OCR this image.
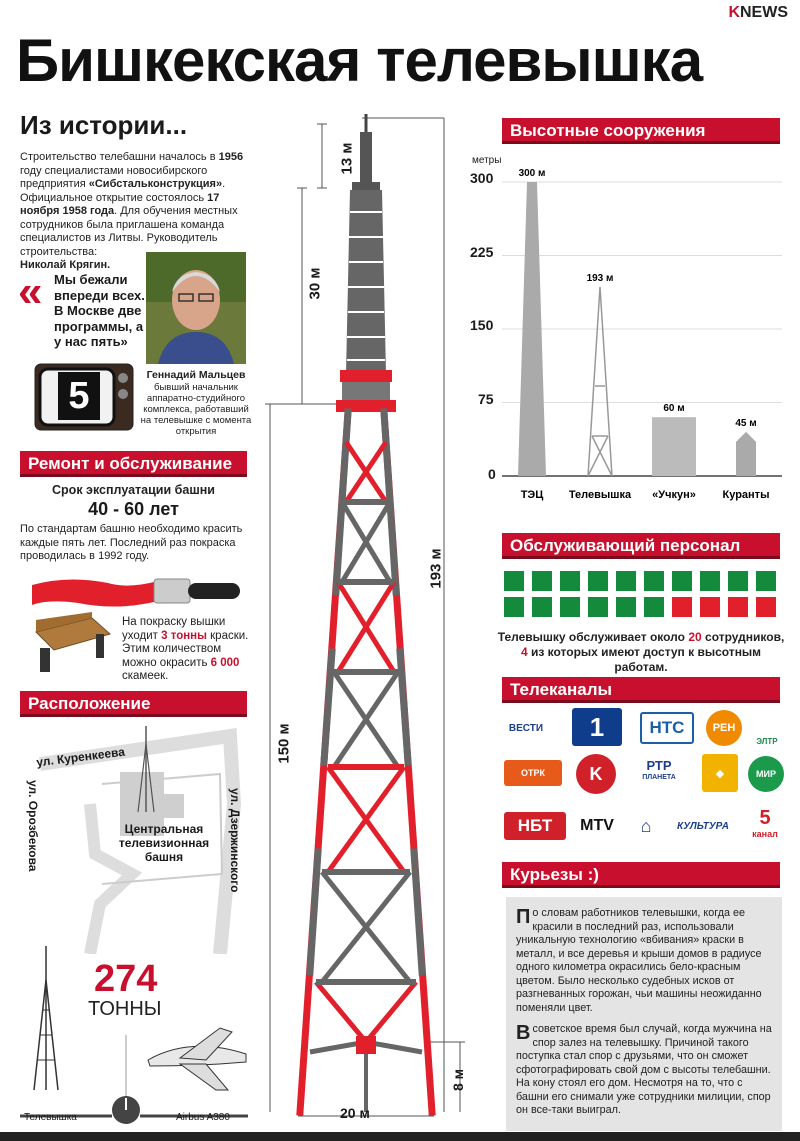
KNEWS
Бишкекская телевышка
Из истории...
Строительство телебашни началось в 1956 году специалистами новосибирского предприятия «Сибстальконструкция». Официальное открытие состоялось 17 ноября 1958 года. Для обучения местных сотрудников была приглашена команда специалистов из Литвы. Руководитель строительства:
Николай Крягин.
« Мы бежали впереди всех. В Москве две программы, а у нас пять»
Геннадий Мальцев
бывший начальник аппаратно-студийного комплекса, работавший на телевышке с момента открытия
5
Ремонт и обслуживание
Срок эксплуатации башни
40 - 60 лет
По стандартам башню необходимо красить каждые пять лет. Последний раз покраска проводилась в 1992 году.
На покраску вышки уходит 3 тонны краски. Этим количеством можно окрасить 6 000 скамеек.
Расположение
ул. Куренкеева
ул. Орозбекова	ул. Дзержинского
Центральная телевизионная башня
274
ТОННЫ
Телевышка	Airbus A380
13 м
30 м
193 м
150 м
8 м
20 м
Высотные сооружения
метры
300
225
150
75
0
300 м
ТЭЦ
193 м
Телевышка
60 м
«Учкун»
45 м
Куранты
Обслуживающий персонал
Телевышку обслуживает около 20 сотрудников,
4 из которых имеют доступ к высотным работам.
Телеканалы
ВЕСТИ	1	НТС	РЕН
ЭЛТР
ОТРК	K	РТР
ПЛАНЕТА	◆	МИР
НБТ	MTV	⌂	КУЛЬТУРА	5
канал
Курьезы :)

По словам работников телевышки, когда ее красили в последний раз, использовали уникальную технологию «вбивания» краски в металл, и все деревья и крыши домов в радиусе одного километра окрасились бело-красным цветом. Было несколько судебных исков от разгневанных горожан, чьи машины неожиданно поменяли цвет.

В советское время был случай, когда мужчина на спор залез на телевышку. Причиной такого поступка стал спор с друзьями, что он сможет сфотографировать свой дом с высоты телебашни. На кону стоял его дом. Несмотря на то, что с башни его снимали уже сотрудники милиции, спор он все-таки выиграл.
